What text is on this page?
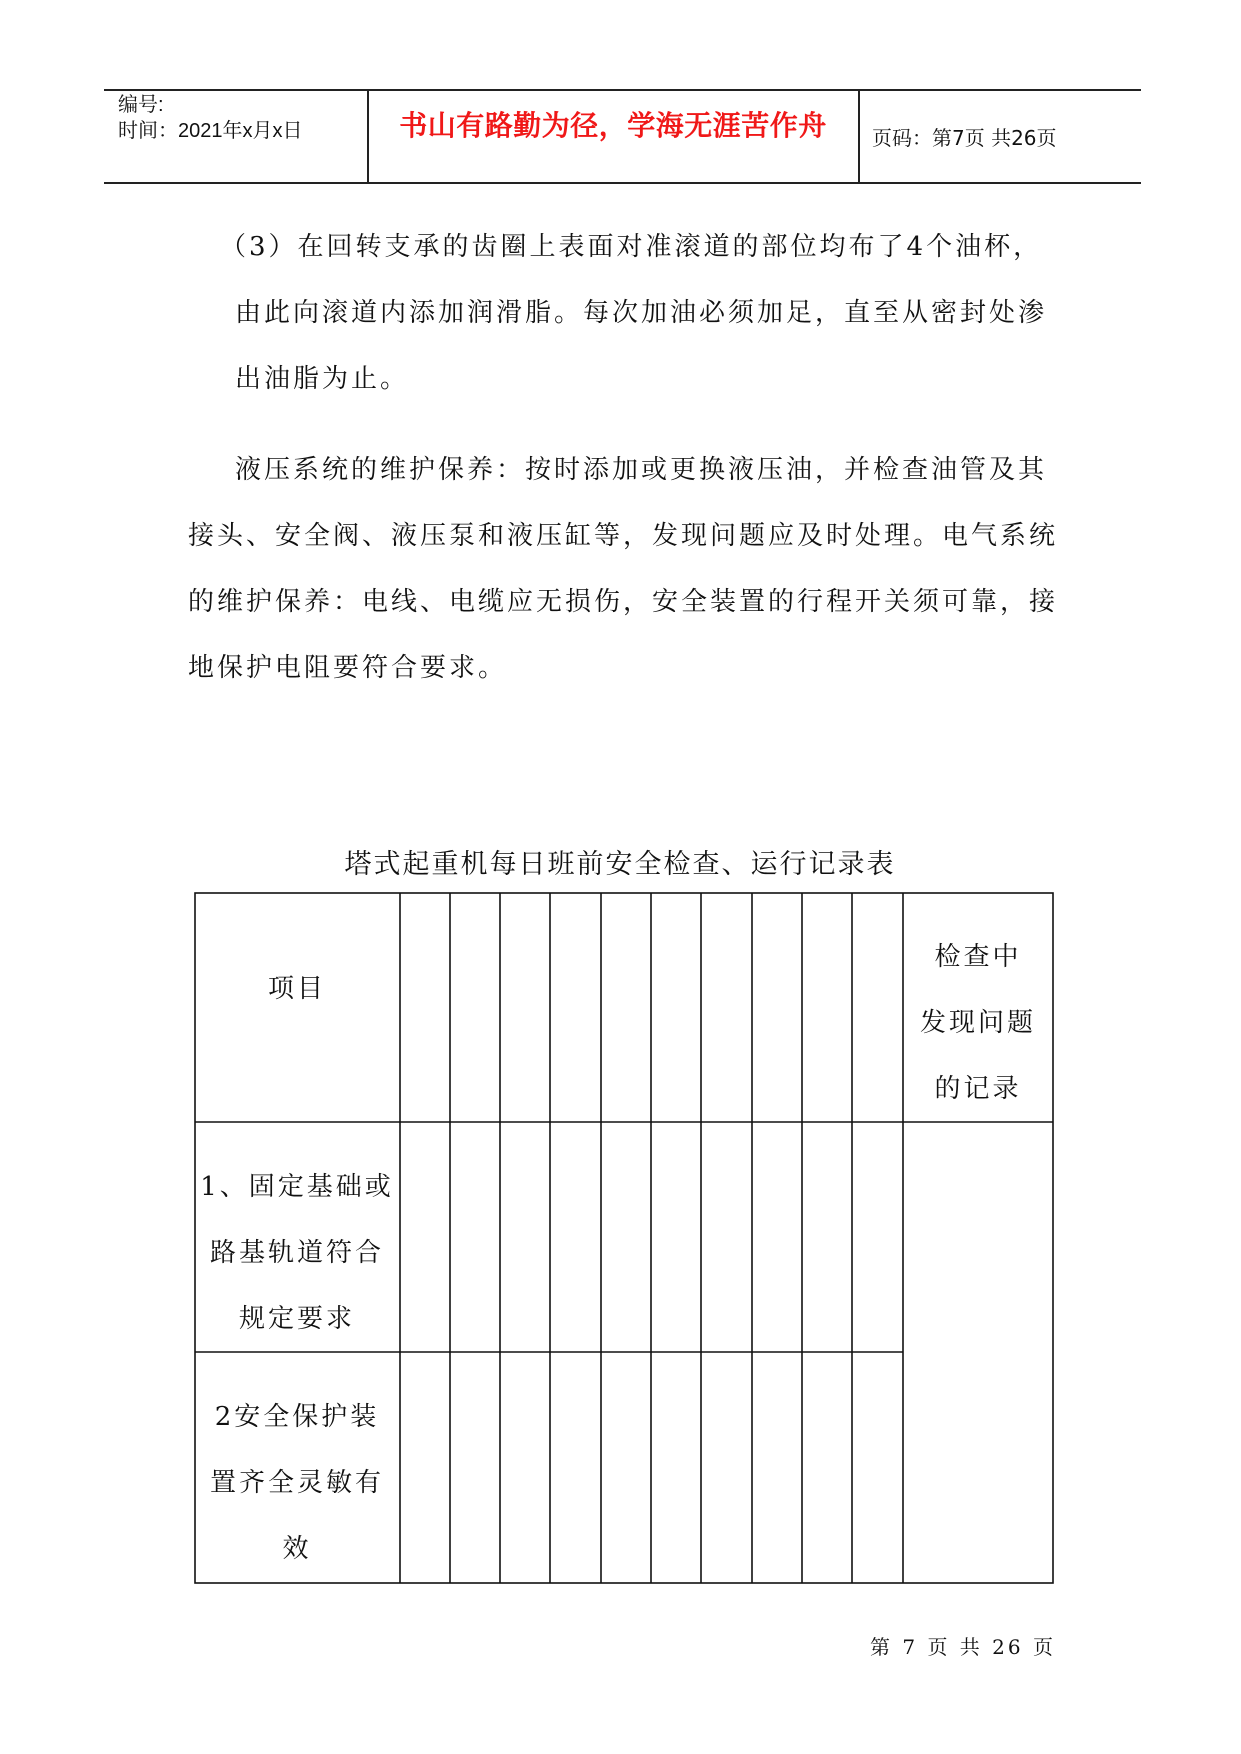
编号:
时间：2021年x月x日	书山有路勤为径，学海无涯苦作舟	页码：第7页 共26页
（3）在回转支承的齿圈上表面对准滚道的部位均布了4个油杯，
由此向滚道内添加润滑脂。每次加油必须加足，直至从密封处渗
出油脂为止。
液压系统的维护保养：按时添加或更换液压油，并检查油管及其
接头、安全阀、液压泵和液压缸等，发现问题应及时处理。电气系统
的维护保养：电线、电缆应无损伤，安全装置的行程开关须可靠，接
地保护电阻要符合要求。
塔式起重机每日班前安全检查、运行记录表
项目
检查中
发现问题
的记录
1、固定基础或
路基轨道符合
规定要求
2安全保护装
置齐全灵敏有
效
第 7 页 共 26 页
